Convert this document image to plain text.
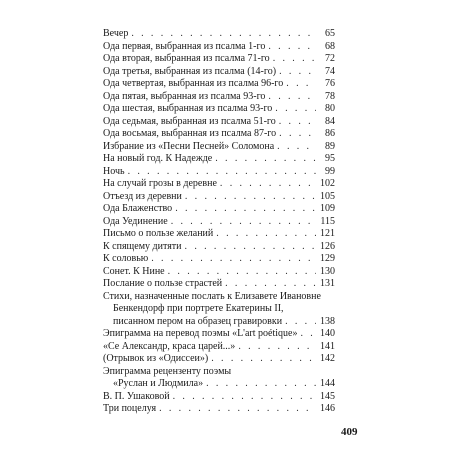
Вечер . . .	65
Ода первая, выбранная из псалма 1-го . . .	68
Ода вторая, выбранная из псалма 71-го . . .	72
Ода третья, выбранная из псалма (14-го) . . .	74
Ода четвертая, выбранная из псалма 96-го . . .	76
Ода пятая, выбранная из псалма 93-го . . .	78
Ода шестая, выбранная из псалма 93-го . . .	80
Ода седьмая, выбранная из псалма 51-го . . .	84
Ода восьмая, выбранная из псалма 87-го . . .	86
Избрание из «Песни Песней» Соломона . . .	89
На новый год. К Надежде . . .	95
Ночь . . .	99
На случай грозы в деревне . . .	102
Отъезд из деревни . . .	105
Ода Блаженство . . .	109
Ода Уединение . . .	115
Письмо о пользе желаний . . .	121
К спящему дитяти . . .	126
К соловью . . .	129
Сонет. К Нине . . .	130
Послание о пользе страстей . . .	131
Стихи, назначенные послать к Елизавете Ивановне
Бенкендорф при портрете Екатерины II,
писанном пером на образец гравировки . . .	138
Эпиграмма на перевод поэмы «L'art poétique» . . . 140
«Се Александр, краса царей...» . . .	141
(Отрывок из «Одиссеи») . . .	142
Эпиграмма рецензенту поэмы
«Руслан и Людмила» . . .	144
В. П. Ушаковой . . .	145
Три поцелуя . . .	146
409
